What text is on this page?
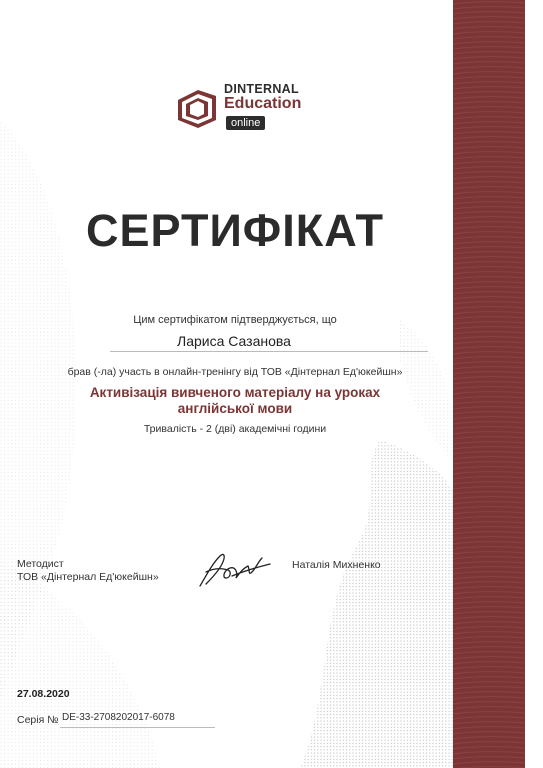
DINTERNAL
Education
online
СЕРТИФІКАТ
Цим сертифікатом підтверджується, що
Лариса Сазанова
брав (-ла) участь в онлайн-тренінгу від ТОВ «Дінтернал Ед'юкейшн»
Активізація вивченого матеріалу на уроках англійської мови
Тривалість - 2 (дві) академічні години
Методист
ТОВ «Дінтернал Ед'юкейшн»
Наталія Михненко
27.08.2020
Серія № DE-33-2708202017-6078
